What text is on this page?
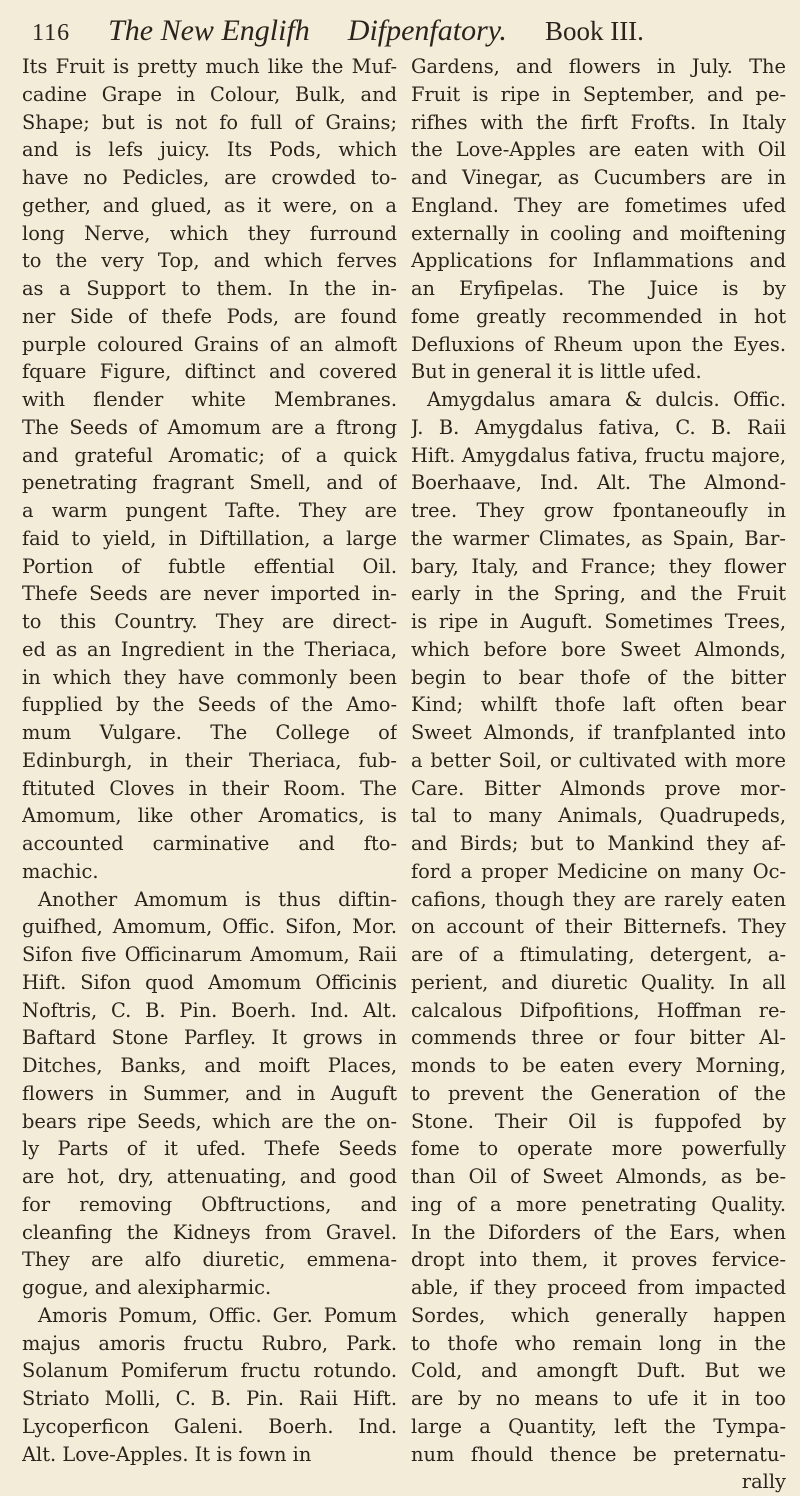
116 The New Englifh Difpenfatory. Book III.
Its Fruit is pretty much like the Muf-
cadine Grape in Colour, Bulk, and
Shape; but is not fo full of Grains;
and is lefs juicy. Its Pods, which
have no Pedicles, are crowded to-
gether, and glued, as it were, on a
long Nerve, which they furround
to the very Top, and which ferves
as a Support to them. In the in-
ner Side of thefe Pods, are found
purple coloured Grains of an almoft
fquare Figure, diftinct and covered
with flender white Membranes.
The Seeds of Amomum are a ftrong
and grateful Aromatic; of a quick
penetrating fragrant Smell, and of
a warm pungent Tafte. They are
faid to yield, in Diftillation, a large
Portion of fubtle effential Oil.
Thefe Seeds are never imported in-
to this Country. They are direct-
ed as an Ingredient in the Theriaca,
in which they have commonly been
fupplied by the Seeds of the Amo-
mum Vulgare. The College of
Edinburgh, in their Theriaca, fub-
ftituted Cloves in their Room. The
Amomum, like other Aromatics, is
accounted carminative and fto-
machic.
Another Amomum is thus diftin-
guifhed, Amomum, Offic. Sifon, Mor.
Sifon five Officinarum Amomum, Raii
Hift. Sifon quod Amomum Officinis
Noftris, C. B. Pin. Boerh. Ind. Alt.
Baftard Stone Parfley. It grows in
Ditches, Banks, and moift Places,
flowers in Summer, and in Auguft
bears ripe Seeds, which are the on-
ly Parts of it ufed. Thefe Seeds
are hot, dry, attenuating, and good
for removing Obftructions, and
cleanfing the Kidneys from Gravel.
They are alfo diuretic, emmena-
gogue, and alexipharmic.
Amoris Pomum, Offic. Ger. Pomum
majus amoris fructu Rubro, Park.
Solanum Pomiferum fructu rotundo.
Striato Molli, C. B. Pin. Raii Hift.
Lycoperficon Galeni. Boerh. Ind.
Alt. Love-Apples. It is fown in
Gardens, and flowers in July. The
Fruit is ripe in September, and pe-
rifhes with the firft Frofts. In Italy
the Love-Apples are eaten with Oil
and Vinegar, as Cucumbers are in
England. They are fometimes ufed
externally in cooling and moiftening
Applications for Inflammations and
an Eryfipelas. The Juice is by
fome greatly recommended in hot
Defluxions of Rheum upon the Eyes.
But in general it is little ufed.
Amygdalus amara & dulcis. Offic.
J. B. Amygdalus fativa, C. B. Raii
Hift. Amygdalus fativa, fructu majore,
Boerhaave, Ind. Alt. The Almond-
tree. They grow fpontaneoufly in
the warmer Climates, as Spain, Bar-
bary, Italy, and France; they flower
early in the Spring, and the Fruit
is ripe in Auguft. Sometimes Trees,
which before bore Sweet Almonds,
begin to bear thofe of the bitter
Kind; whilft thofe laft often bear
Sweet Almonds, if tranfplanted into
a better Soil, or cultivated with more
Care. Bitter Almonds prove mor-
tal to many Animals, Quadrupeds,
and Birds; but to Mankind they af-
ford a proper Medicine on many Oc-
cafions, though they are rarely eaten
on account of their Bitternefs. They
are of a ftimulating, detergent, a-
perient, and diuretic Quality. In all
calcalous Difpofitions, Hoffman re-
commends three or four bitter Al-
monds to be eaten every Morning,
to prevent the Generation of the
Stone. Their Oil is fuppofed by
fome to operate more powerfully
than Oil of Sweet Almonds, as be-
ing of a more penetrating Quality.
In the Diforders of the Ears, when
dropt into them, it proves fervice-
able, if they proceed from impacted
Sordes, which generally happen
to thofe who remain long in the
Cold, and amongft Duft. But we
are by no means to ufe it in too
large a Quantity, left the Tympa-
num fhould thence be preternatu-
rally
